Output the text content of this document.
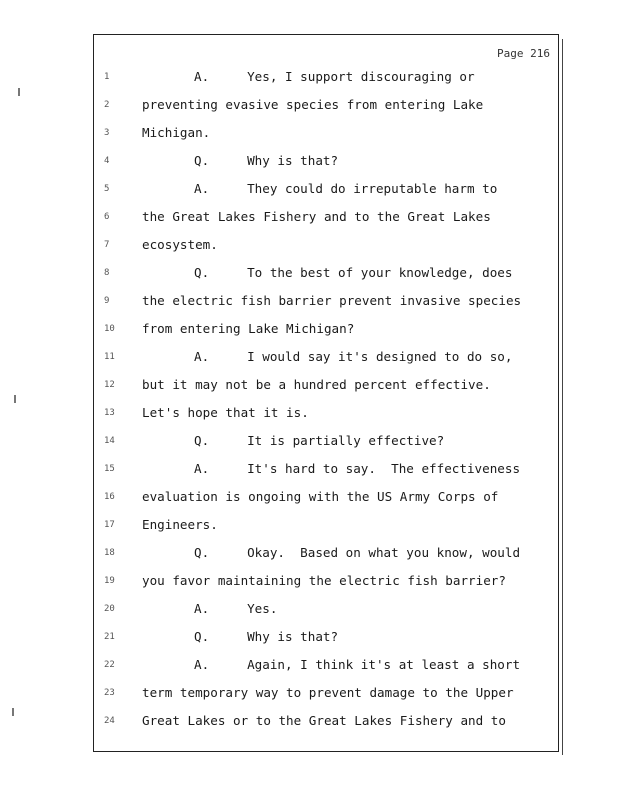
Page 216
1	A.     Yes, I support discouraging or
2	preventing evasive species from entering Lake
3	Michigan.
4	Q.     Why is that?
5	A.     They could do irreputable harm to
6	the Great Lakes Fishery and to the Great Lakes
7	ecosystem.
8	Q.     To the best of your knowledge, does
9	the electric fish barrier prevent invasive species
10	from entering Lake Michigan?
11	A.     I would say it's designed to do so,
12	but it may not be a hundred percent effective.
13	Let's hope that it is.
14	Q.     It is partially effective?
15	A.     It's hard to say.  The effectiveness
16	evaluation is ongoing with the US Army Corps of
17	Engineers.
18	Q.     Okay.  Based on what you know, would
19	you favor maintaining the electric fish barrier?
20	A.     Yes.
21	Q.     Why is that?
22	A.     Again, I think it's at least a short
23	term temporary way to prevent damage to the Upper
24	Great Lakes or to the Great Lakes Fishery and to
